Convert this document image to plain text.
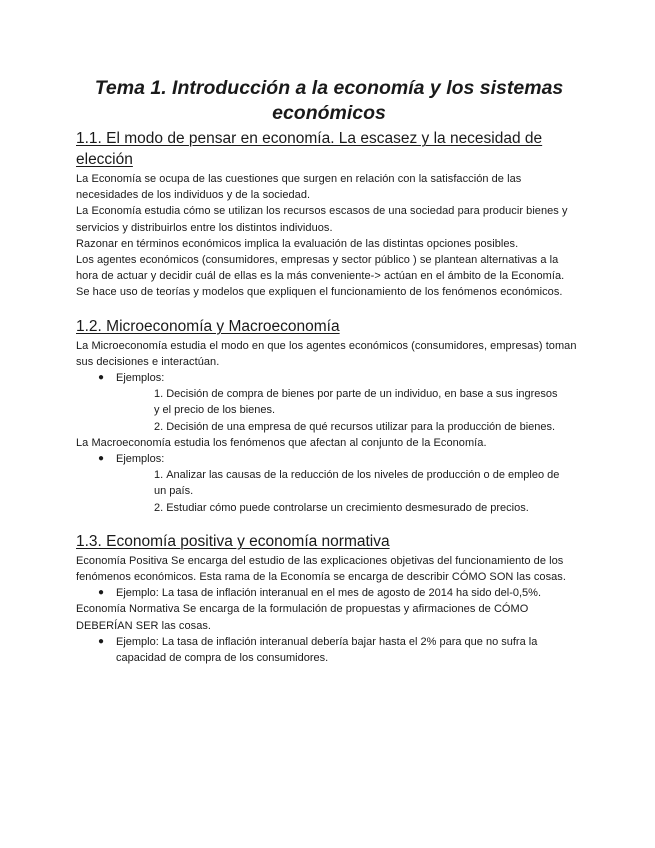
Tema 1. Introducción a la economía y los sistemas económicos
1.1. El modo de pensar en economía. La escasez y la necesidad de elección

La Economía se ocupa de las cuestiones que surgen en relación con la satisfacción de las necesidades de los individuos y de la sociedad.

La Economía estudia cómo se utilizan los recursos escasos de una sociedad para producir bienes y servicios y distribuirlos entre los distintos individuos.

Razonar en términos económicos implica la evaluación de las distintas opciones posibles.

Los agentes económicos (consumidores, empresas y sector público ) se plantean alternativas a la hora de actuar y decidir cuál de ellas es la más conveniente-> actúan en el ámbito de la Economía.

Se hace uso de teorías y modelos que expliquen el funcionamiento de los fenómenos económicos.

1.2. Microeconomía y Macroeconomía

La Microeconomía estudia el modo en que los agentes económicos (consumidores, empresas) toman sus decisiones e interactúan.

● Ejemplos:
1. Decisión de compra de bienes por parte de un individuo, en base a sus ingresos y el precio de los bienes.
2. Decisión de una empresa de qué recursos utilizar para la producción de bienes.

La Macroeconomía estudia los fenómenos que afectan al conjunto de la Economía.

● Ejemplos:
1. Analizar las causas de la reducción de los niveles de producción o de empleo de un país.
2. Estudiar cómo puede controlarse un crecimiento desmesurado de precios.
1.3. Economía positiva y economía normativa

Economía Positiva Se encarga del estudio de las explicaciones objetivas del funcionamiento de los fenómenos económicos. Esta rama de la Economía se encarga de describir CÓMO SON las cosas.

● Ejemplo: La tasa de inflación interanual en el mes de agosto de 2014 ha sido del-0,5%.

Economía Normativa Se encarga de la formulación de propuestas y afirmaciones de CÓMO DEBERÍAN SER las cosas.

● Ejemplo: La tasa de inflación interanual debería bajar hasta el 2% para que no sufra la capacidad de compra de los consumidores.
